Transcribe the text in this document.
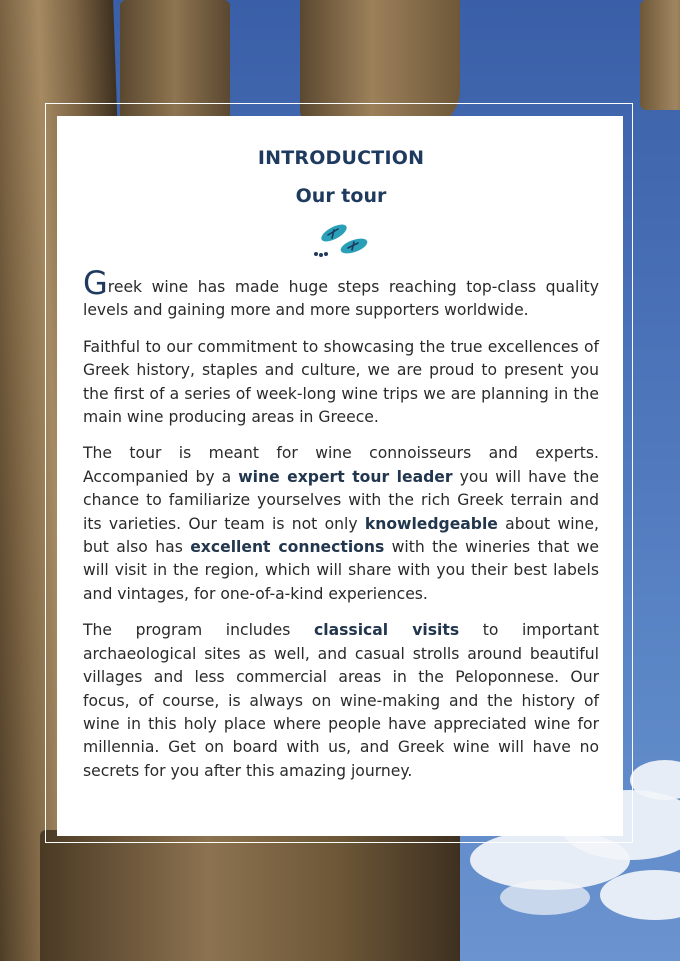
INTRODUCTION
Our tour

Greek wine has made huge steps reaching top-class quality levels and gaining more and more supporters worldwide.

Faithful to our commitment to showcasing the true excellences of Greek history, staples and culture, we are proud to present you the first of a series of week-long wine trips we are planning in the main wine producing areas in Greece.

The tour is meant for wine connoisseurs and experts. Accompanied by a wine expert tour leader you will have the chance to familiarize yourselves with the rich Greek terrain and its varieties. Our team is not only knowledgeable about wine, but also has excellent connections with the wineries that we will visit in the region, which will share with you their best labels and vintages, for one-of-a-kind experiences.

The program includes classical visits to important archaeological sites as well, and casual strolls around beautiful villages and less commercial areas in the Peloponnese. Our focus, of course, is always on wine-making and the history of wine in this holy place where people have appreciated wine for millennia. Get on board with us, and Greek wine will have no secrets for you after this amazing journey.
